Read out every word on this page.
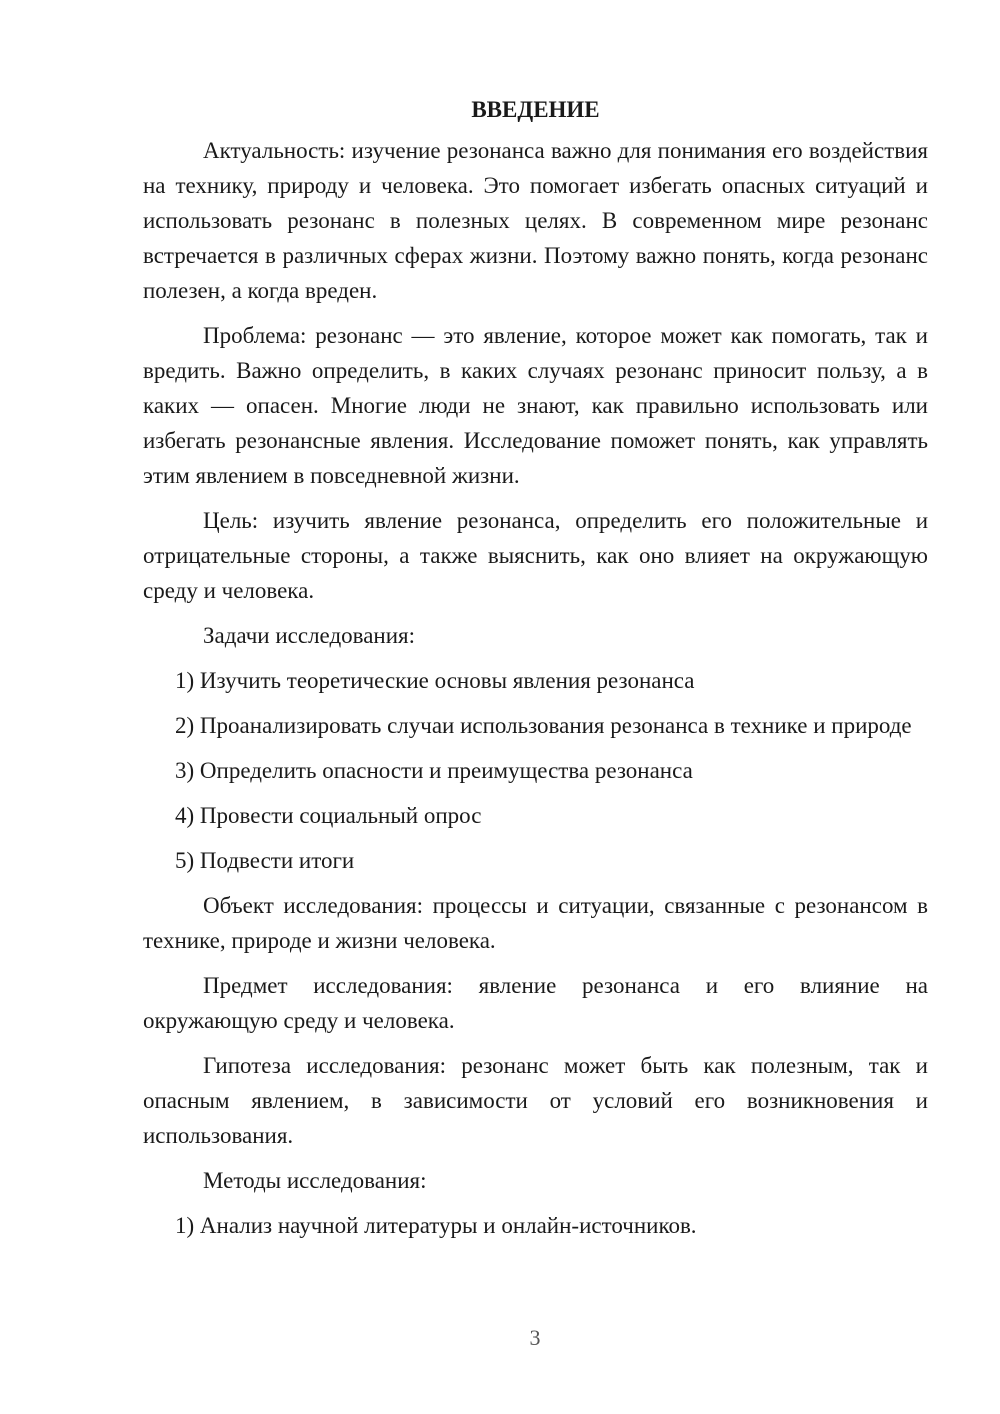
ВВЕДЕНИЕ

Актуальность: изучение резонанса важно для понимания его воздействия на технику, природу и человека. Это помогает избегать опасных ситуаций и использовать резонанс в полезных целях. В современном мире резонанс встречается в различных сферах жизни. Поэтому важно понять, когда резонанс полезен, а когда вреден.

Проблема: резонанс — это явление, которое может как помогать, так и вредить. Важно определить, в каких случаях резонанс приносит пользу, а в каких — опасен. Многие люди не знают, как правильно использовать или избегать резонансные явления. Исследование поможет понять, как управлять этим явлением в повседневной жизни.

Цель: изучить явление резонанса, определить его положительные и отрицательные стороны, а также выяснить, как оно влияет на окружающую среду и человека.

Задачи исследования:

1) Изучить теоретические основы явления резонанса

2) Проанализировать случаи использования резонанса в технике и природе

3) Определить опасности и преимущества резонанса

4) Провести социальный опрос

5) Подвести итоги

Объект исследования: процессы и ситуации, связанные с резонансом в технике, природе и жизни человека.

Предмет исследования: явление резонанса и его влияние на окружающую среду и человека.

Гипотеза исследования: резонанс может быть как полезным, так и опасным явлением, в зависимости от условий его возникновения и использования.

Методы исследования:

1) Анализ научной литературы и онлайн-источников.

3
